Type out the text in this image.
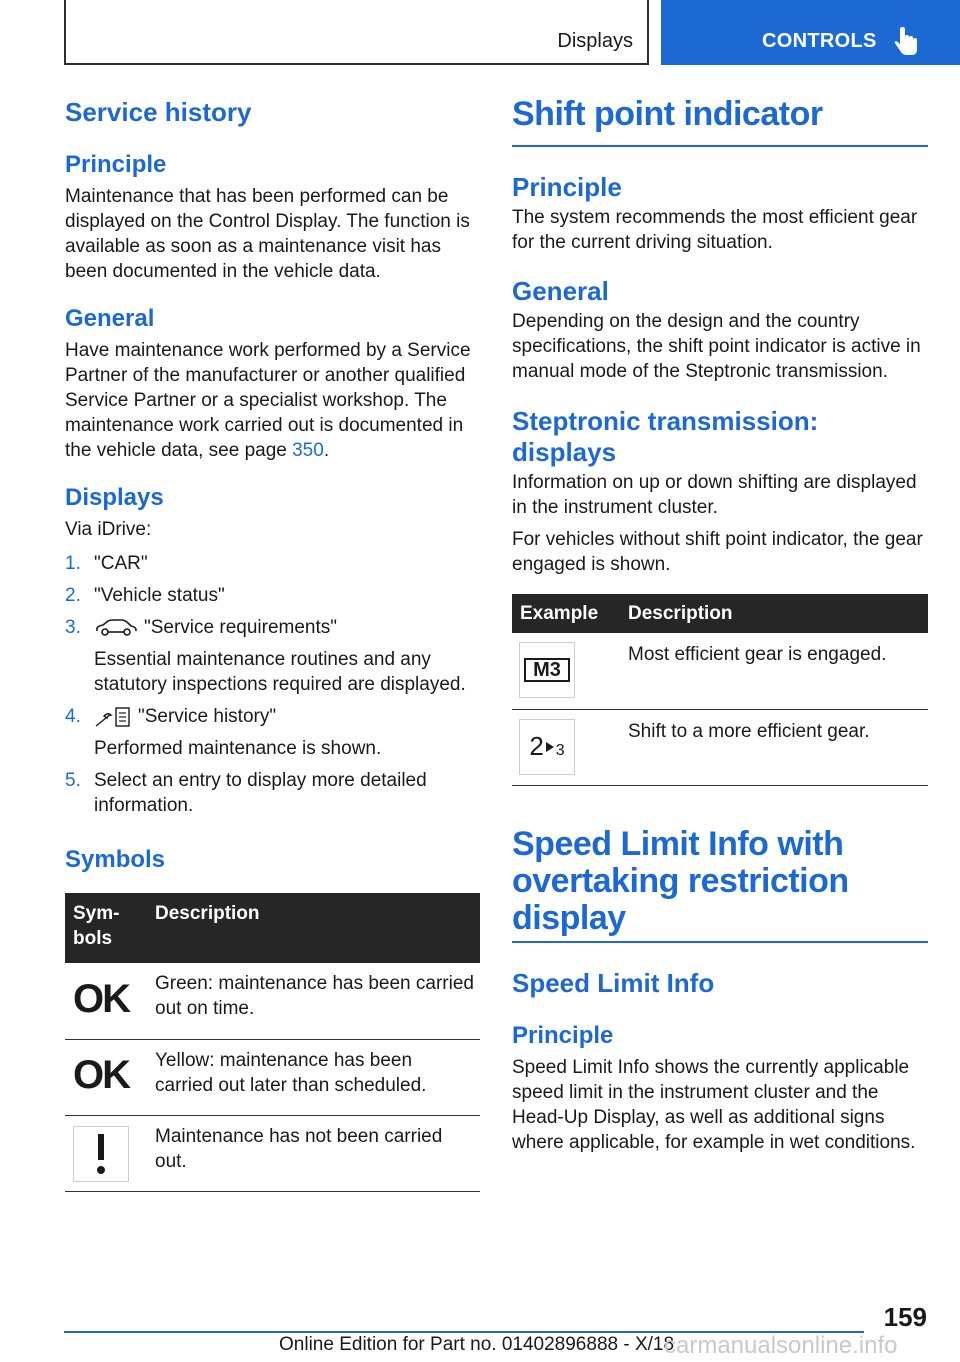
Displays	CONTROLS
Service history
Principle

Maintenance that has been performed can be displayed on the Control Display. The function is available as soon as a maintenance visit has been documented in the vehicle data.

General

Have maintenance work performed by a Service Partner of the manufacturer or another qualified Service Partner or a specialist workshop. The maintenance work carried out is documented in the vehicle data, see page 350.

Displays

Via iDrive:

1. "CAR"
2. "Vehicle status"
3.	"Service requirements"
Essential maintenance routines and any statutory inspections required are displayed.
4.	"Service history"
Performed maintenance is shown.
5. Select an entry to display more detailed information.
Symbols
Sym-
bols	Description

OK	Green: maintenance has been carried out on time.

OK	Yellow: maintenance has been carried out later than scheduled.

	Maintenance has not been carried out.
Shift point indicator
Principle

The system recommends the most efficient gear for the current driving situation.

General

Depending on the design and the country specifications, the shift point indicator is active in manual mode of the Steptronic transmission.

Steptronic transmission: displays

Information on up or down shifting are displayed in the instrument cluster.

For vehicles without shift point indicator, the gear engaged is shown.

Example	Description

M3	Most efficient gear is engaged.

2 3	Shift to a more efficient gear.
Speed Limit Info with overtaking restriction display
Speed Limit Info
Principle

Speed Limit Info shows the currently applicable speed limit in the instrument cluster and the Head-Up Display, as well as additional signs where applicable, for example in wet conditions.

159
Online Edition for Part no. 01402896888 - X/18
carmanualsonline.info
